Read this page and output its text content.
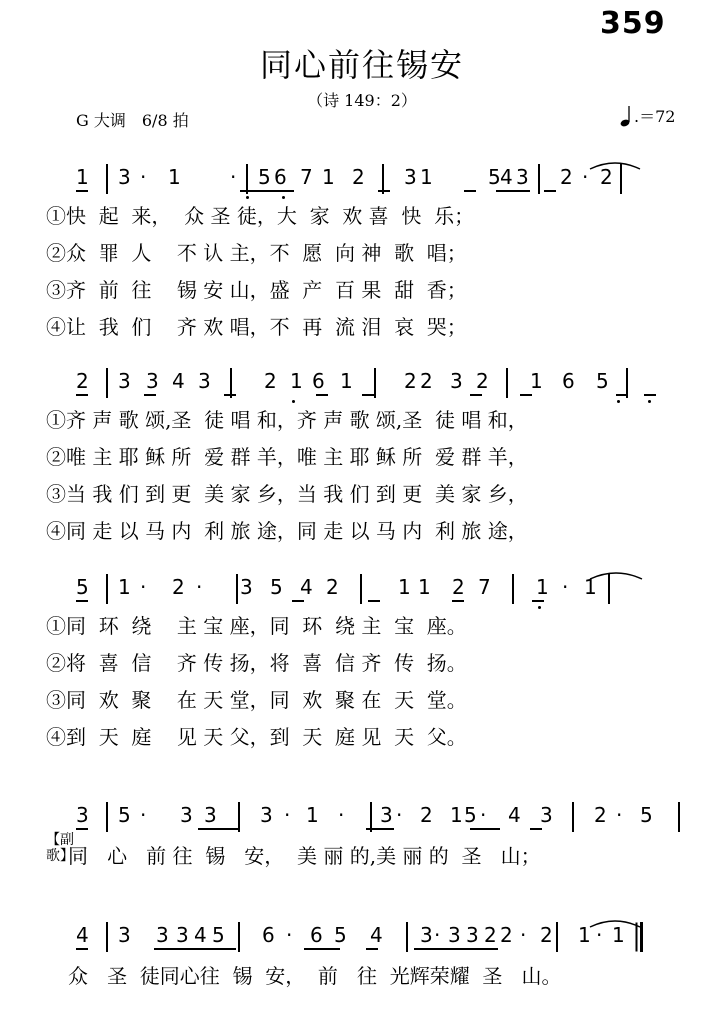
359
同心前往锡安
（诗 149：2）
G 大调　6/8 拍	.＝72
1 3 · 1 · 5 6 7 1 2 3 1	5 4 3 2 · 2
2 3 3 4 3	2 1 6 1	2 2 3 2 1 6 5
5 1 · 2 · 3 5 4 2	1 1 2 7 1 · 1
3 5 · 3 3 3 · 1 · 3 · 2 1 5 · 4 3 2 · 5
4 3 3 3 4 5 6 · 6 5 4 3 · 3 3 2 2 · 2 1 · 1
①快  起  来，  众 圣 徒，大  家  欢 喜  快  乐；
②众  罪  人    不 认 主，不  愿  向 神  歌  唱；
③齐  前  往    锡 安 山，盛  产  百 果  甜  香；
④让  我  们    齐 欢 唱，不  再  流 泪  哀  哭；
①齐 声 歌 颂,圣  徒 唱 和，齐 声 歌 颂,圣  徒 唱 和，
②唯 主 耶 稣 所  爱 群 羊，唯 主 耶 稣 所  爱 群 羊，
③当 我 们 到 更  美 家 乡，当 我 们 到 更  美 家 乡，
④同 走 以 马 内  利 旅 途，同 走 以 马 内  利 旅 途，
①同  环  绕    主 宝 座，同  环  绕 主  宝  座。
②将  喜  信    齐 传 扬，将  喜  信 齐  传  扬。
③同  欢  聚    在 天 堂，同  欢  聚 在  天  堂。
④到  天  庭    见 天 父，到  天  庭 见  天  父。
【副歌】
同   心   前 往  锡   安，  美 丽 的,美 丽 的  圣   山；
众   圣  徒同心往  锡  安，  前   往  光辉荣耀  圣   山。
